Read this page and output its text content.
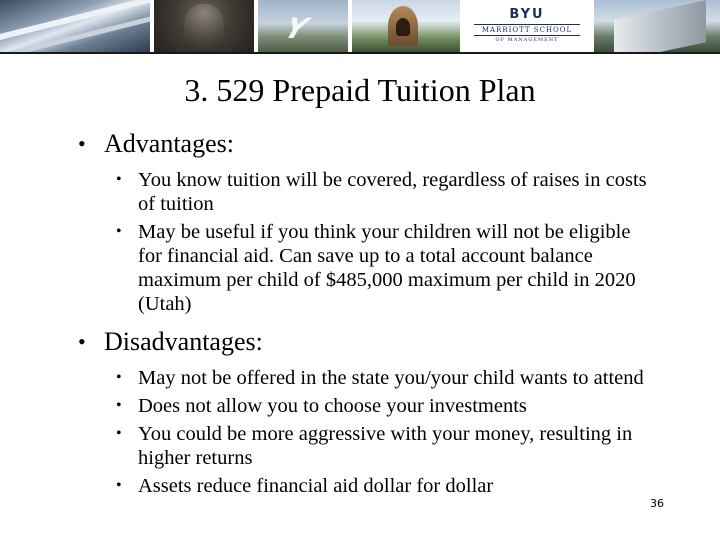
Y	BYU
MARRIOTT SCHOOL
OF MANAGEMENT
3. 529 Prepaid Tuition Plan
• Advantages:
• You know tuition will be covered, regardless of raises in costs of tuition
• May be useful if you think your children will not be eligible for financial aid. Can save up to a total account balance maximum per child of $485,000 maximum per child in 2020 (Utah)
• Disadvantages:
• May not be offered in the state you/your child wants to attend
• Does not allow you to choose your investments
• You could be more aggressive with your money, resulting in higher returns
• Assets reduce financial aid dollar for dollar
36
